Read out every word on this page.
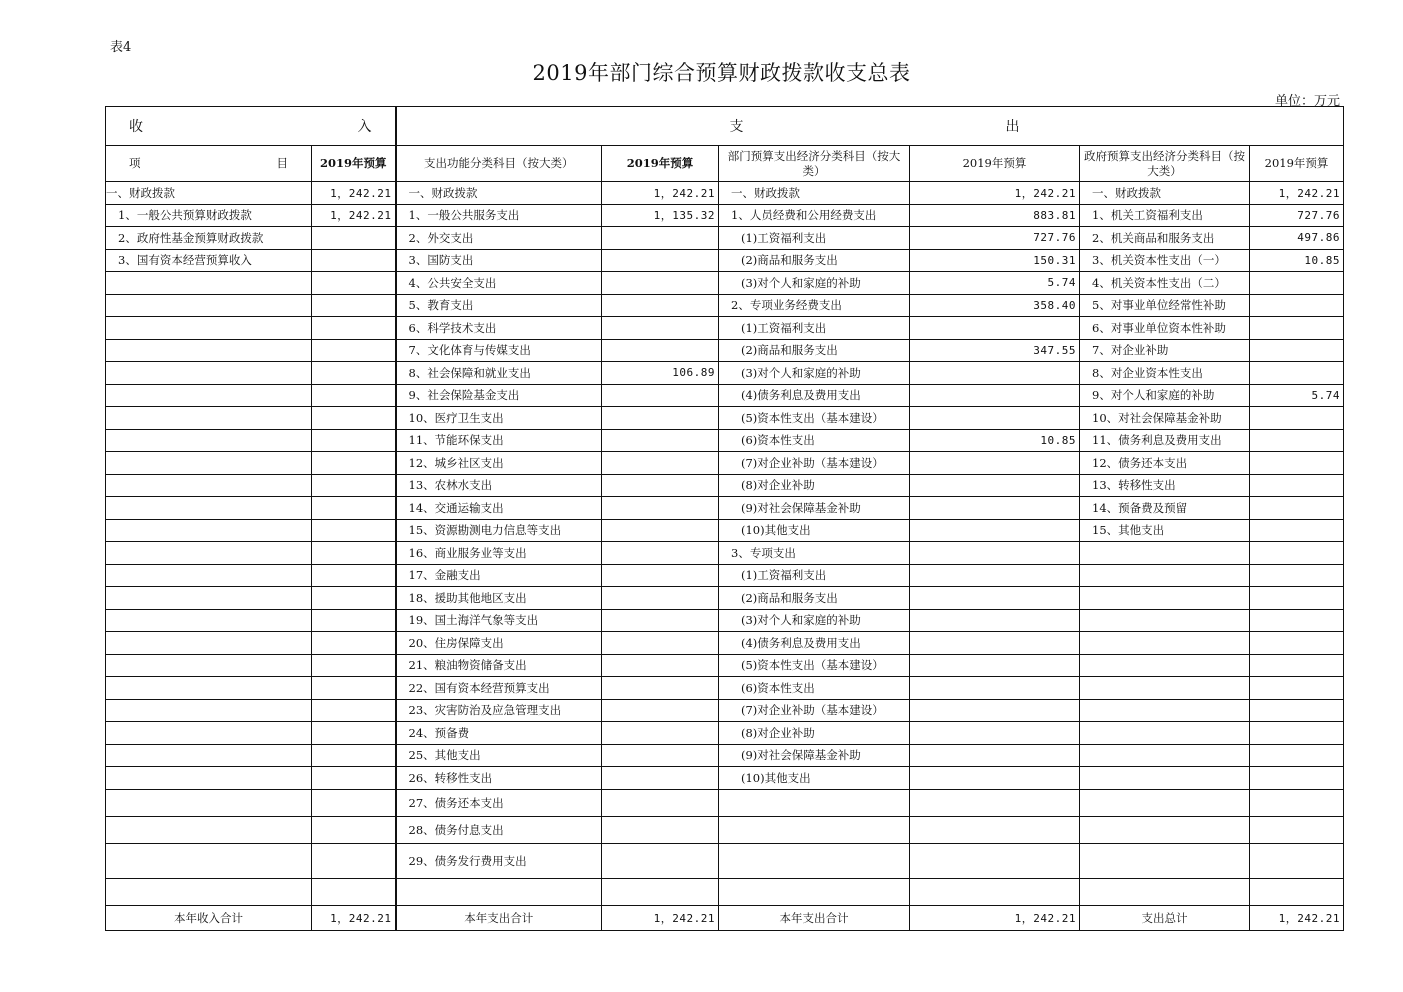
表4
2019年部门综合预算财政拨款收支总表
单位：万元
收 入		支 出					

项 目	2019年预算	支出功能分类科目（按大类）	2019年预算	部门预算支出经济分类科目（按大类）	2019年预算	政府预算支出经济分类科目（按大类）	2019年预算
一、财政拨款	1，242.21	一、财政拨款	1，242.21	一、财政拨款	1，242.21	一、财政拨款	1，242.21
1、一般公共预算财政拨款	1，242.21	1、一般公共服务支出	1，135.32	1、人员经费和公用经费支出	883.81	1、机关工资福利支出	727.76
2、政府性基金预算财政拨款		2、外交支出		(1)工资福利支出	727.76	2、机关商品和服务支出	497.86
3、国有资本经营预算收入		3、国防支出		(2)商品和服务支出	150.31	3、机关资本性支出（一）	10.85
		4、公共安全支出		(3)对个人和家庭的补助	5.74	4、机关资本性支出（二）	
		5、教育支出		2、专项业务经费支出	358.40	5、对事业单位经常性补助	
		6、科学技术支出		(1)工资福利支出		6、对事业单位资本性补助	
		7、文化体育与传媒支出		(2)商品和服务支出	347.55	7、对企业补助	
		8、社会保障和就业支出	106.89	(3)对个人和家庭的补助		8、对企业资本性支出	
		9、社会保险基金支出		(4)债务利息及费用支出		9、对个人和家庭的补助	5.74
		10、医疗卫生支出		(5)资本性支出（基本建设）		10、对社会保障基金补助	
		11、节能环保支出		(6)资本性支出	10.85	11、债务利息及费用支出	
		12、城乡社区支出		(7)对企业补助（基本建设）		12、债务还本支出	
		13、农林水支出		(8)对企业补助		13、转移性支出	
		14、交通运输支出		(9)对社会保障基金补助		14、预备费及预留	
		15、资源勘测电力信息等支出		(10)其他支出		15、其他支出	
		16、商业服务业等支出		3、专项支出			
		17、金融支出		(1)工资福利支出			
		18、援助其他地区支出		(2)商品和服务支出			
		19、国土海洋气象等支出		(3)对个人和家庭的补助			
		20、住房保障支出		(4)债务利息及费用支出			
		21、粮油物资储备支出		(5)资本性支出（基本建设）			
		22、国有资本经营预算支出		(6)资本性支出			
		23、灾害防治及应急管理支出		(7)对企业补助（基本建设）			
		24、预备费		(8)对企业补助			
		25、其他支出		(9)对社会保障基金补助			
		26、转移性支出		(10)其他支出			
		27、债务还本支出					
		28、债务付息支出					
		29、债务发行费用支出					

本年收入合计	1，242.21	本年支出合计	1，242.21	本年支出合计	1，242.21	支出总计	1，242.21
